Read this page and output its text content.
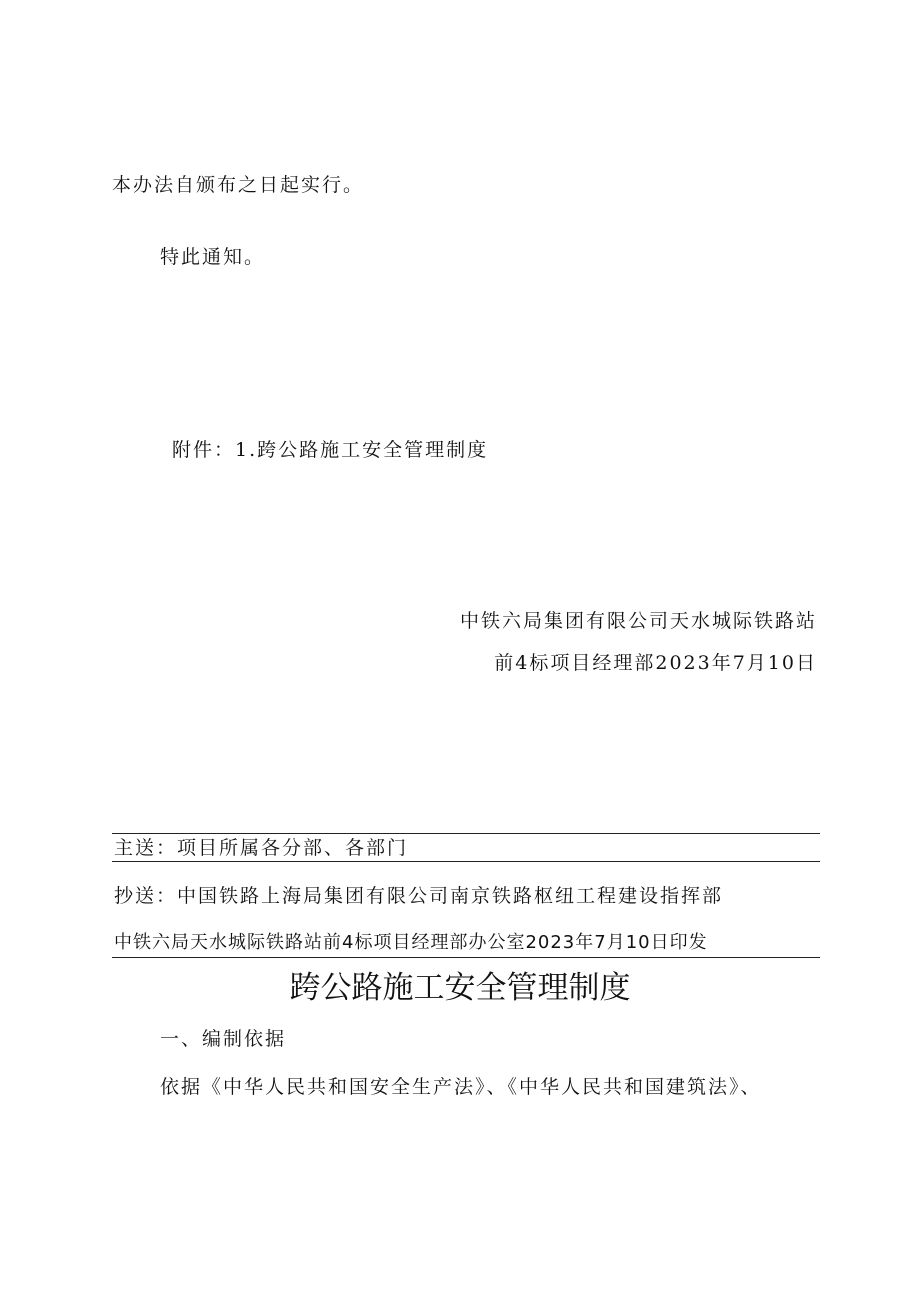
本办法自颁布之日起实行。
特此通知。
附件：1.跨公路施工安全管理制度
中铁六局集团有限公司天水城际铁路站
前4标项目经理部2023年7月10日
主送：项目所属各分部、各部门
抄送：中国铁路上海局集团有限公司南京铁路枢纽工程建设指挥部
中铁六局天水城际铁路站前4标项目经理部办公室2023年7月10日印发
跨公路施工安全管理制度
一、编制依据
依据《中华人民共和国安全生产法》、《中华人民共和国建筑法》、
